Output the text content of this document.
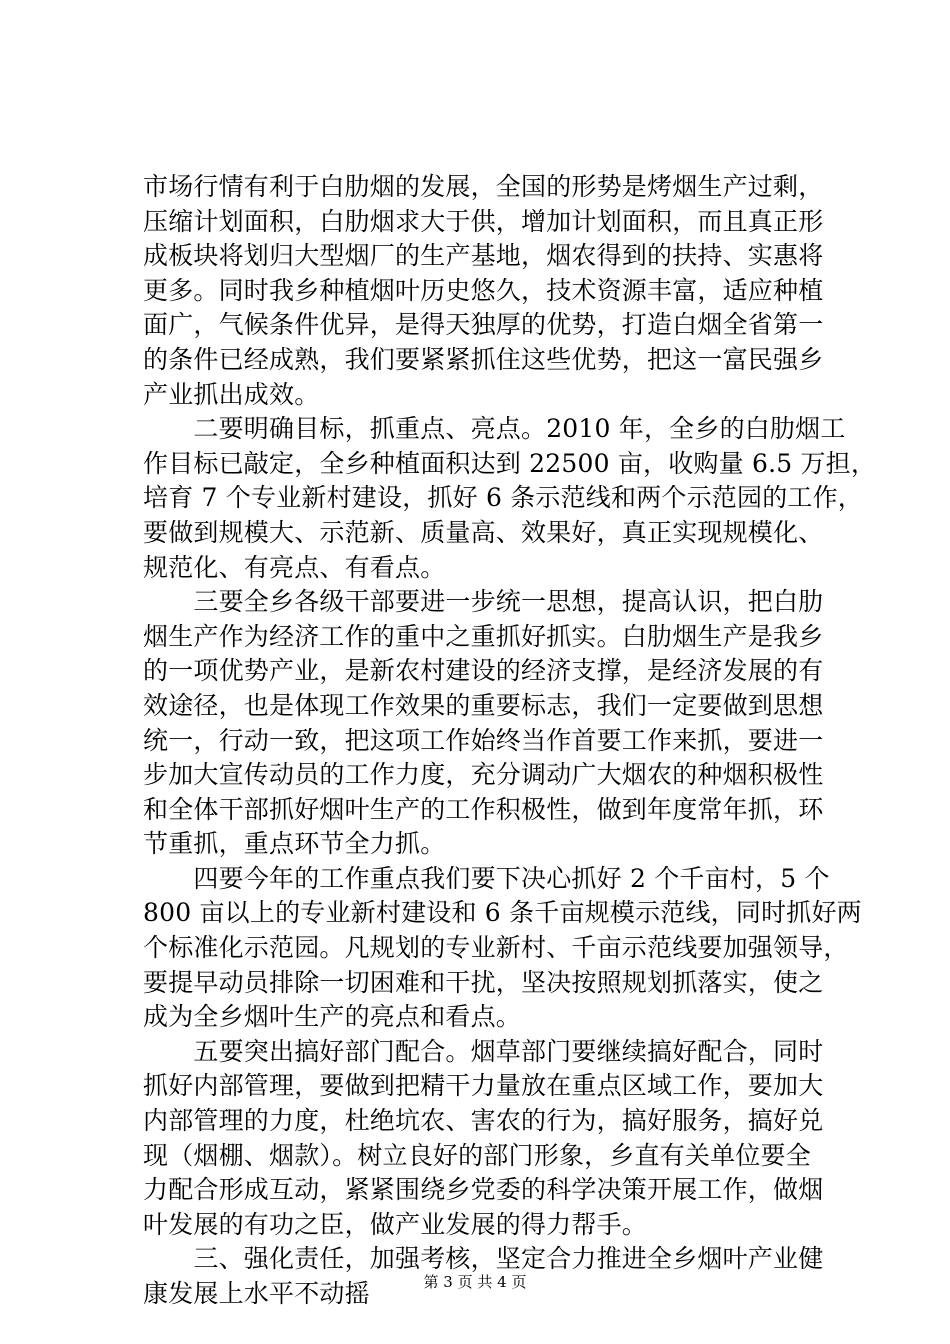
市场行情有利于白肋烟的发展，全国的形势是烤烟生产过剩，
压缩计划面积，白肋烟求大于供，增加计划面积，而且真正形
成板块将划归大型烟厂的生产基地，烟农得到的扶持、实惠将
更多。同时我乡种植烟叶历史悠久，技术资源丰富，适应种植
面广，气候条件优异，是得天独厚的优势，打造白烟全省第一
的条件已经成熟，我们要紧紧抓住这些优势，把这一富民强乡
产业抓出成效。
　　二要明确目标，抓重点、亮点。2010 年，全乡的白肋烟工
作目标已敲定，全乡种植面积达到 22500 亩，收购量 6.5 万担，
培育 7 个专业新村建设，抓好 6 条示范线和两个示范园的工作，
要做到规模大、示范新、质量高、效果好，真正实现规模化、
规范化、有亮点、有看点。
　　三要全乡各级干部要进一步统一思想，提高认识，把白肋
烟生产作为经济工作的重中之重抓好抓实。白肋烟生产是我乡
的一项优势产业，是新农村建设的经济支撑，是经济发展的有
效途径，也是体现工作效果的重要标志，我们一定要做到思想
统一，行动一致，把这项工作始终当作首要工作来抓，要进一
步加大宣传动员的工作力度，充分调动广大烟农的种烟积极性
和全体干部抓好烟叶生产的工作积极性，做到年度常年抓，环
节重抓，重点环节全力抓。
　　四要今年的工作重点我们要下决心抓好 2 个千亩村，5 个
800 亩以上的专业新村建设和 6 条千亩规模示范线，同时抓好两
个标准化示范园。凡规划的专业新村、千亩示范线要加强领导，
要提早动员排除一切困难和干扰，坚决按照规划抓落实，使之
成为全乡烟叶生产的亮点和看点。
　　五要突出搞好部门配合。烟草部门要继续搞好配合，同时
抓好内部管理，要做到把精干力量放在重点区域工作，要加大
内部管理的力度，杜绝坑农、害农的行为，搞好服务，搞好兑
现（烟棚、烟款）。树立良好的部门形象，乡直有关单位要全
力配合形成互动，紧紧围绕乡党委的科学决策开展工作，做烟
叶发展的有功之臣，做产业发展的得力帮手。
　　三、强化责任，加强考核，坚定合力推进全乡烟叶产业健
康发展上水平不动摇	第 3 页 共 4 页
